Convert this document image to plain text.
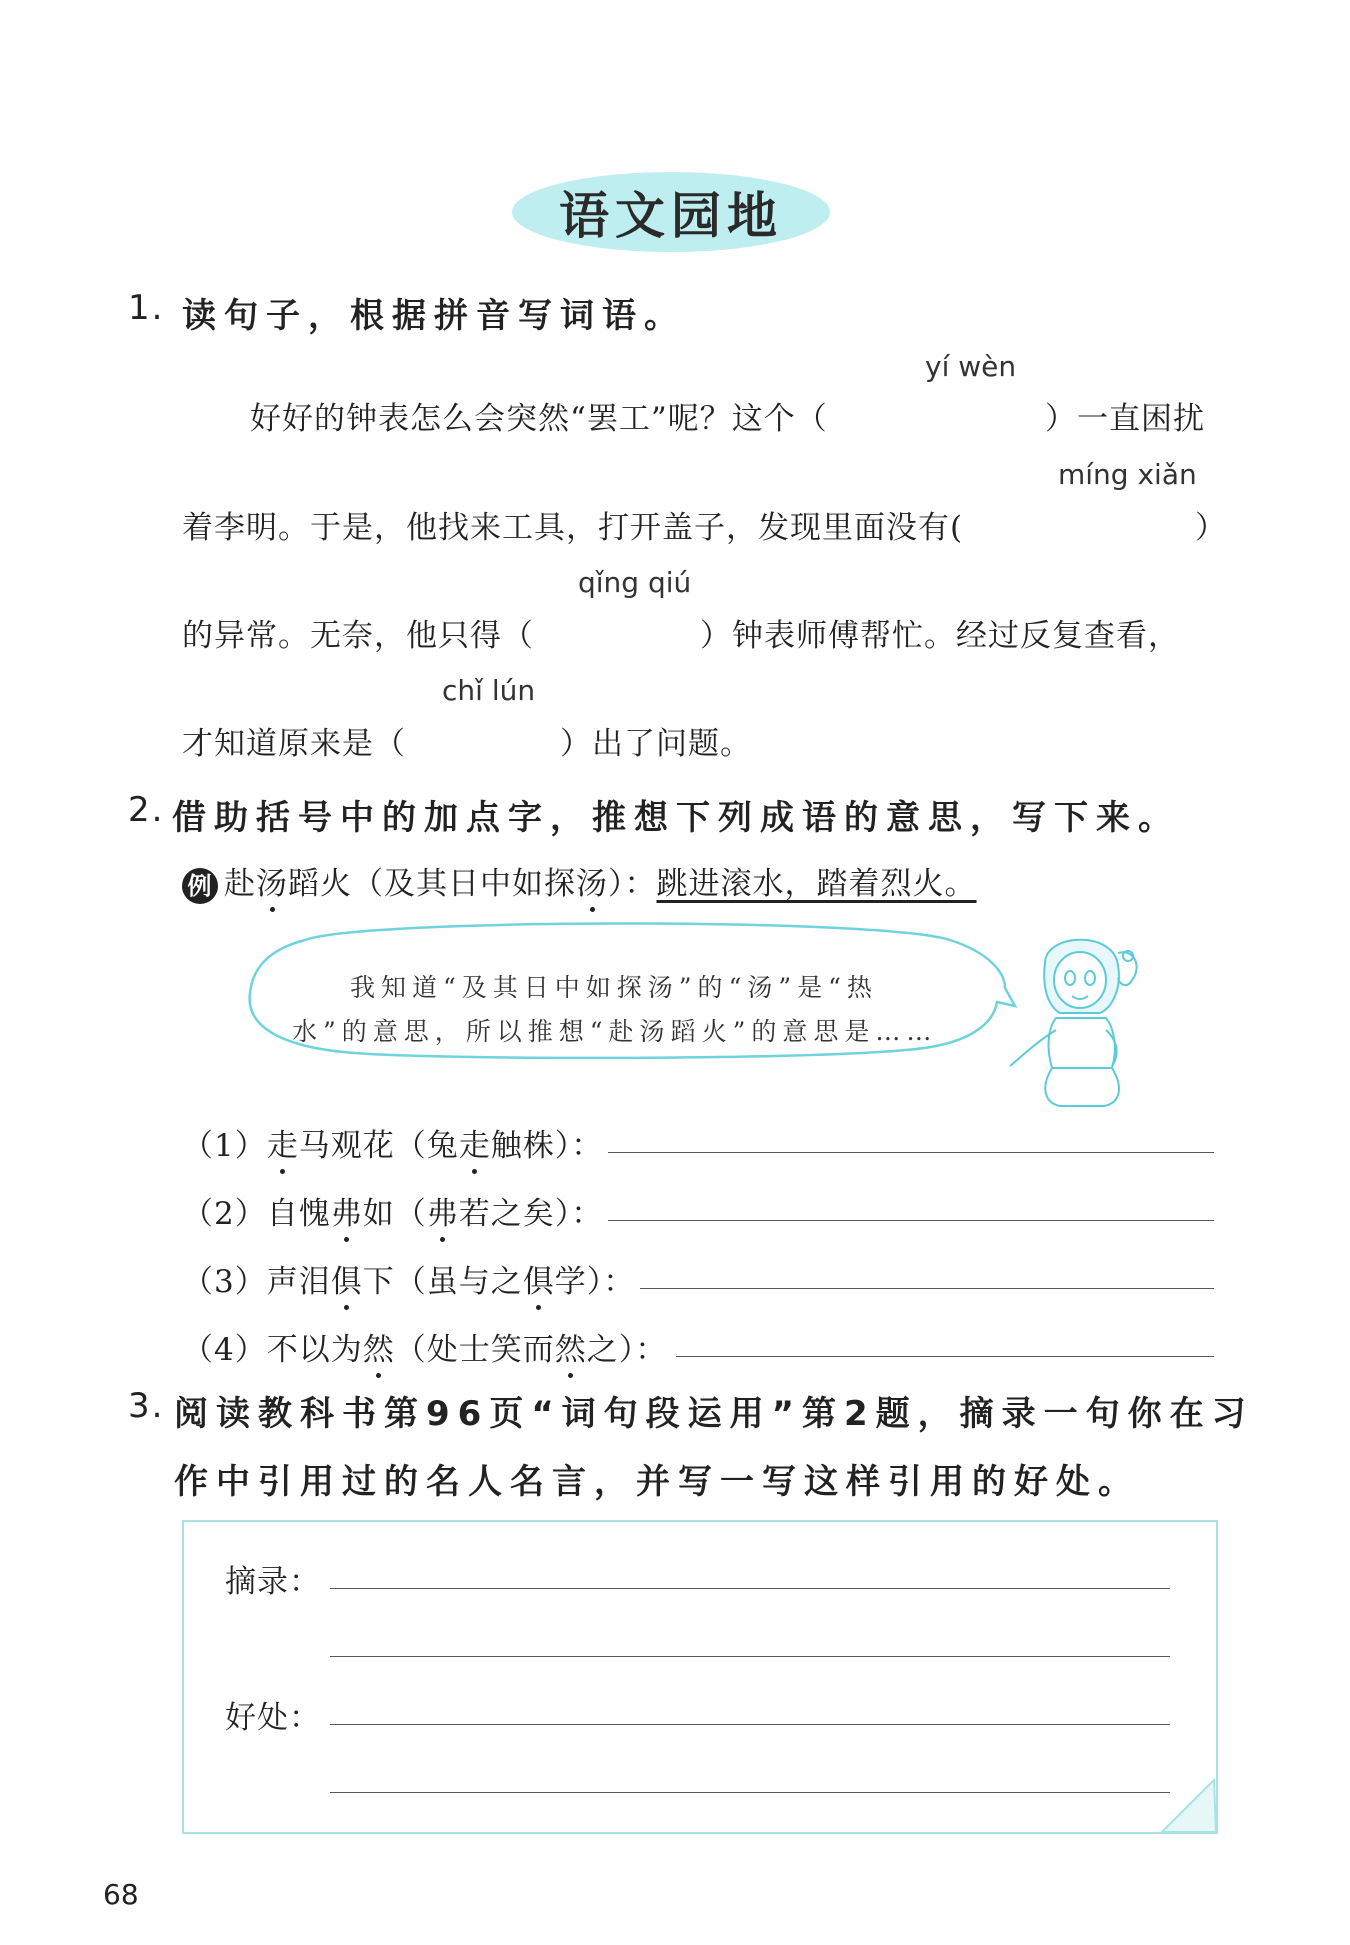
语文园地
1. 读句子，根据拼音写词语。
yí wèn
好好的钟表怎么会突然“罢工”呢？这个（	）一直困扰
míng xiǎn
着李明。于是，他找来工具，打开盖子，发现里面没有(	）
qǐng qiú
的异常。无奈，他只得（	）钟表师傅帮忙。经过反复查看，
chǐ lún
才知道原来是（	）出了问题。
2. 借助括号中的加点字，推想下列成语的意思，写下来。
例 赴汤蹈火（及其日中如探汤）：跳进滚水，踏着烈火。
我知道“及其日中如探汤”的“汤”是“热
水”的意思，所以推想“赴汤蹈火”的意思是……
（1）走马观花（兔走触株）：
（2）自愧弗如（弗若之矣）：
（3）声泪俱下（虽与之俱学）：
（4）不以为然（处士笑而然之）：
3. 阅读教科书第96页“词句段运用”第2题，摘录一句你在习
作中引用过的名人名言，并写一写这样引用的好处。
摘录：
好处：
68
